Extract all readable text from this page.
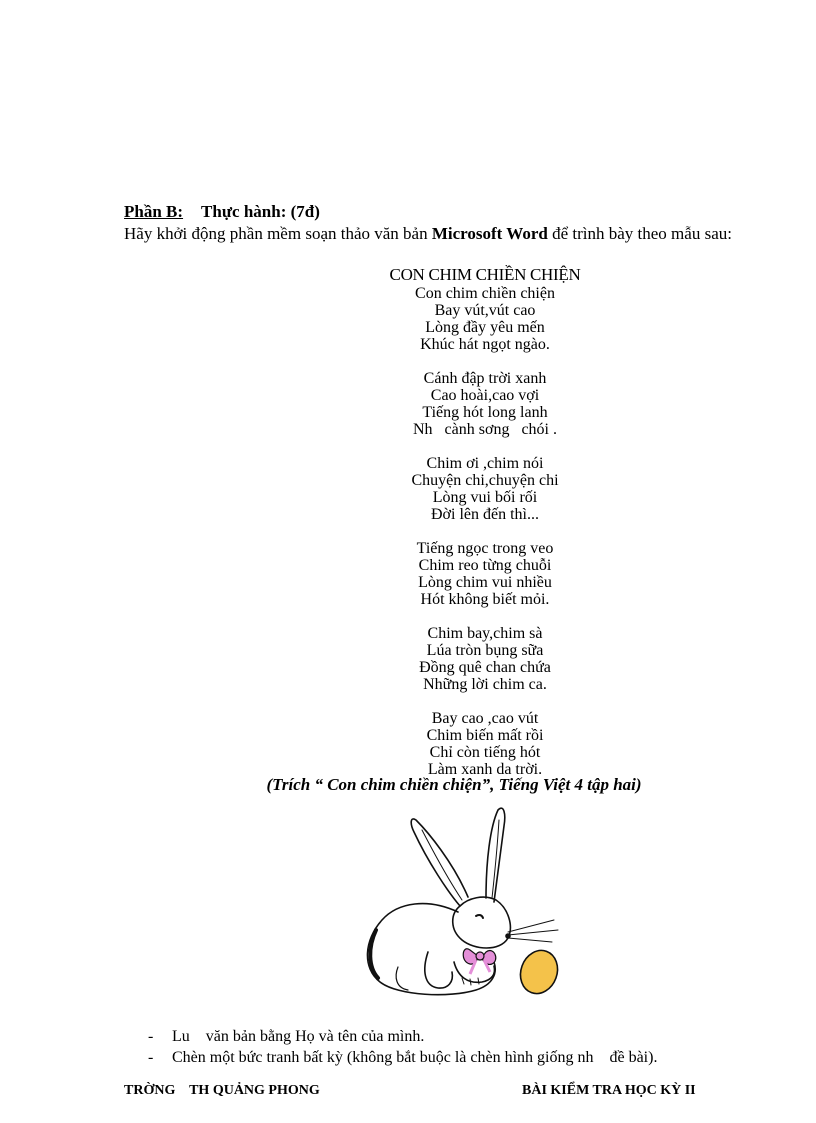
Phần B: Thực hành: (7đ)
Hãy khởi động phần mềm soạn thảo văn bản Microsoft Word để trình bày theo mẫu sau:
CON CHIM CHIỀN CHIỆN
Con chim chiền chiện
Bay vút,vút cao
Lòng đầy yêu mến
Khúc hát ngọt ngào.
Cánh đập trời xanh
Cao hoài,cao vợi
Tiếng hót long lanh
Nh   cành sơng   chói .
Chim ơi ,chim nói
Chuyện chi,chuyện chi
Lòng vui bối rối
Đời lên đến thì...
Tiếng ngọc trong veo
Chim reo từng chuỗi
Lòng chim vui nhiều
Hót không biết mỏi.
Chim bay,chim sà
Lúa tròn bụng sữa
Đồng quê chan chứa
Những lời chim ca.
Bay cao ,cao vút
Chim biến mất rồi
Chỉ còn tiếng hót
Làm xanh da trời.
(Trích “ Con chim chiền chiện”, Tiếng Việt 4 tập hai)
- Lu    văn bản bằng Họ và tên của mình.
- Chèn một bức tranh bất kỳ (không bắt buộc là chèn hình giống nh    đề bài).
TRỜNG    TH QUẢNG PHONG	BÀI KIỂM TRA HỌC KỲ II
